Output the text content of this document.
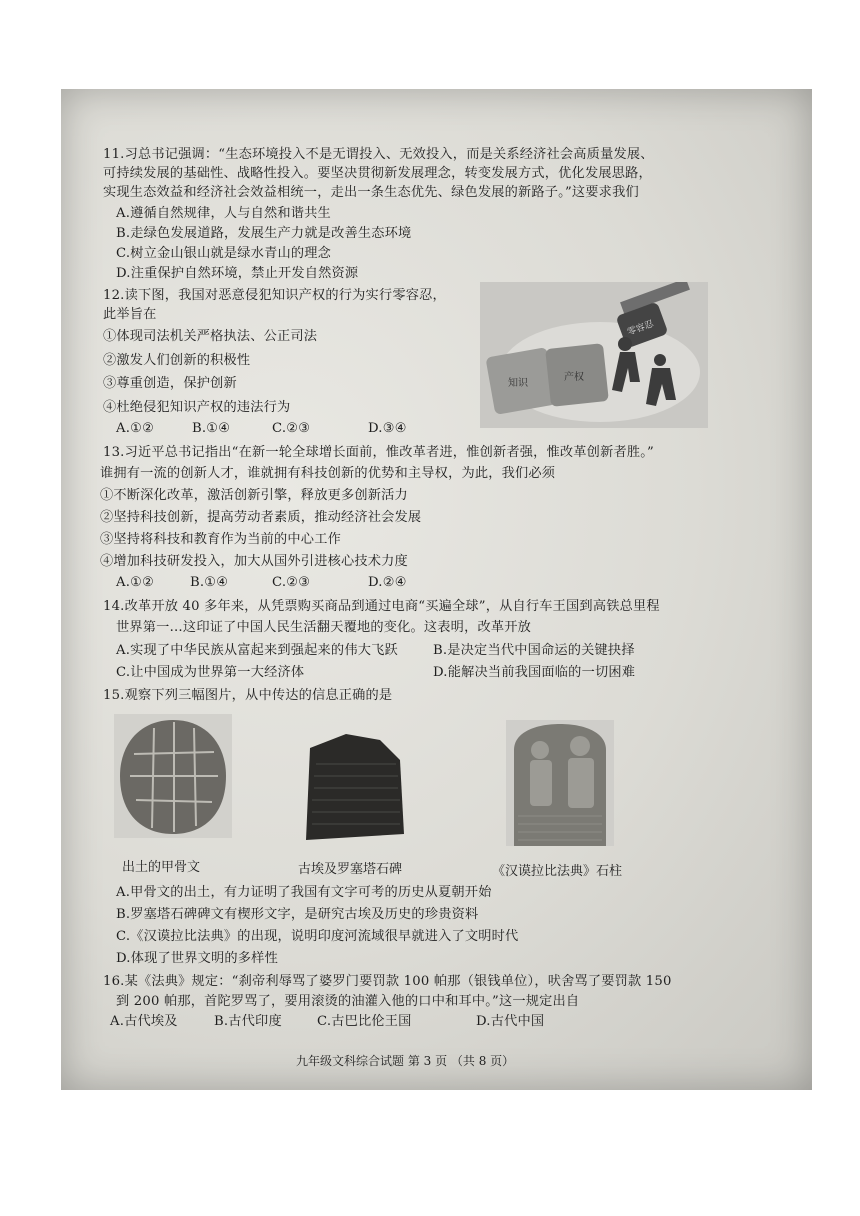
11.习总书记强调：“生态环境投入不是无谓投入、无效投入，而是关系经济社会高质量发展、
可持续发展的基础性、战略性投入。要坚决贯彻新发展理念，转变发展方式，优化发展思路，
实现生态效益和经济社会效益相统一，走出一条生态优先、绿色发展的新路子。”这要求我们
A.遵循自然规律，人与自然和谐共生
B.走绿色发展道路，发展生产力就是改善生态环境
C.树立金山银山就是绿水青山的理念
D.注重保护自然环境，禁止开发自然资源
12.读下图，我国对恶意侵犯知识产权的行为实行零容忍，
此举旨在
①体现司法机关严格执法、公正司法
②激发人们创新的积极性
③尊重创造，保护创新
④杜绝侵犯知识产权的违法行为
A.①②	B.①④	C.②③	D.③④
零容忍
知识
产权
13.习近平总书记指出“在新一轮全球增长面前，惟改革者进，惟创新者强，惟改革创新者胜。”
谁拥有一流的创新人才，谁就拥有科技创新的优势和主导权，为此，我们必须
①不断深化改革，激活创新引擎，释放更多创新活力
②坚持科技创新，提高劳动者素质，推动经济社会发展
③坚持将科技和教育作为当前的中心工作
④增加科技研发投入，加大从国外引进核心技术力度
A.①②	B.①④	C.②③	D.②④
14.改革开放 40 多年来，从凭票购买商品到通过电商“买遍全球”，从自行车王国到高铁总里程
世界第一…这印证了中国人民生活翻天覆地的变化。这表明，改革开放
A.实现了中华民族从富起来到强起来的伟大飞跃	B.是决定当代中国命运的关键抉择
C.让中国成为世界第一大经济体	D.能解决当前我国面临的一切困难
15.观察下列三幅图片，从中传达的信息正确的是
出土的甲骨文	古埃及罗塞塔石碑	《汉谟拉比法典》石柱
A.甲骨文的出土，有力证明了我国有文字可考的历史从夏朝开始
B.罗塞塔石碑碑文有楔形文字，是研究古埃及历史的珍贵资料
C.《汉谟拉比法典》的出现，说明印度河流域很早就进入了文明时代
D.体现了世界文明的多样性
16.某《法典》规定：“刹帝利辱骂了婆罗门要罚款 100 帕那（银钱单位），吠舍骂了要罚款 150
到 200 帕那，首陀罗骂了，要用滚烫的油灌入他的口中和耳中。”这一规定出自
A.古代埃及	B.古代印度	C.古巴比伦王国	D.古代中国
九年级文科综合试题 第 3 页 （共 8 页）
